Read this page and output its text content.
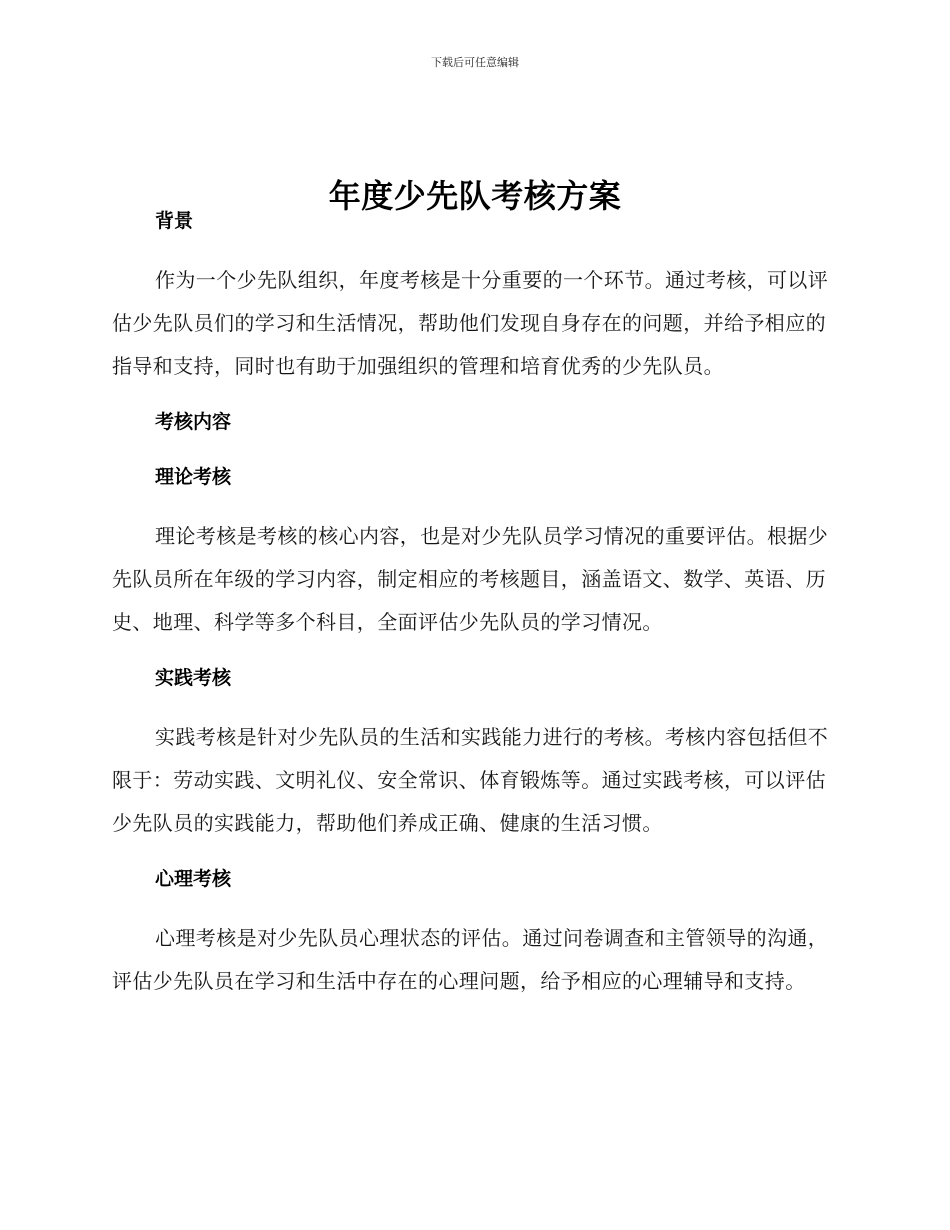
下载后可任意编辑
年度少先队考核方案
背景

作为一个少先队组织，年度考核是十分重要的一个环节。通过考核，可以评估少先队员们的学习和生活情况，帮助他们发现自身存在的问题，并给予相应的指导和支持，同时也有助于加强组织的管理和培育优秀的少先队员。

考核内容
理论考核

理论考核是考核的核心内容，也是对少先队员学习情况的重要评估。根据少先队员所在年级的学习内容，制定相应的考核题目，涵盖语文、数学、英语、历史、地理、科学等多个科目，全面评估少先队员的学习情况。

实践考核

实践考核是针对少先队员的生活和实践能力进行的考核。考核内容包括但不限于：劳动实践、文明礼仪、安全常识、体育锻炼等。通过实践考核，可以评估少先队员的实践能力，帮助他们养成正确、健康的生活习惯。

心理考核

心理考核是对少先队员心理状态的评估。通过问卷调查和主管领导的沟通，评估少先队员在学习和生活中存在的心理问题，给予相应的心理辅导和支持。
